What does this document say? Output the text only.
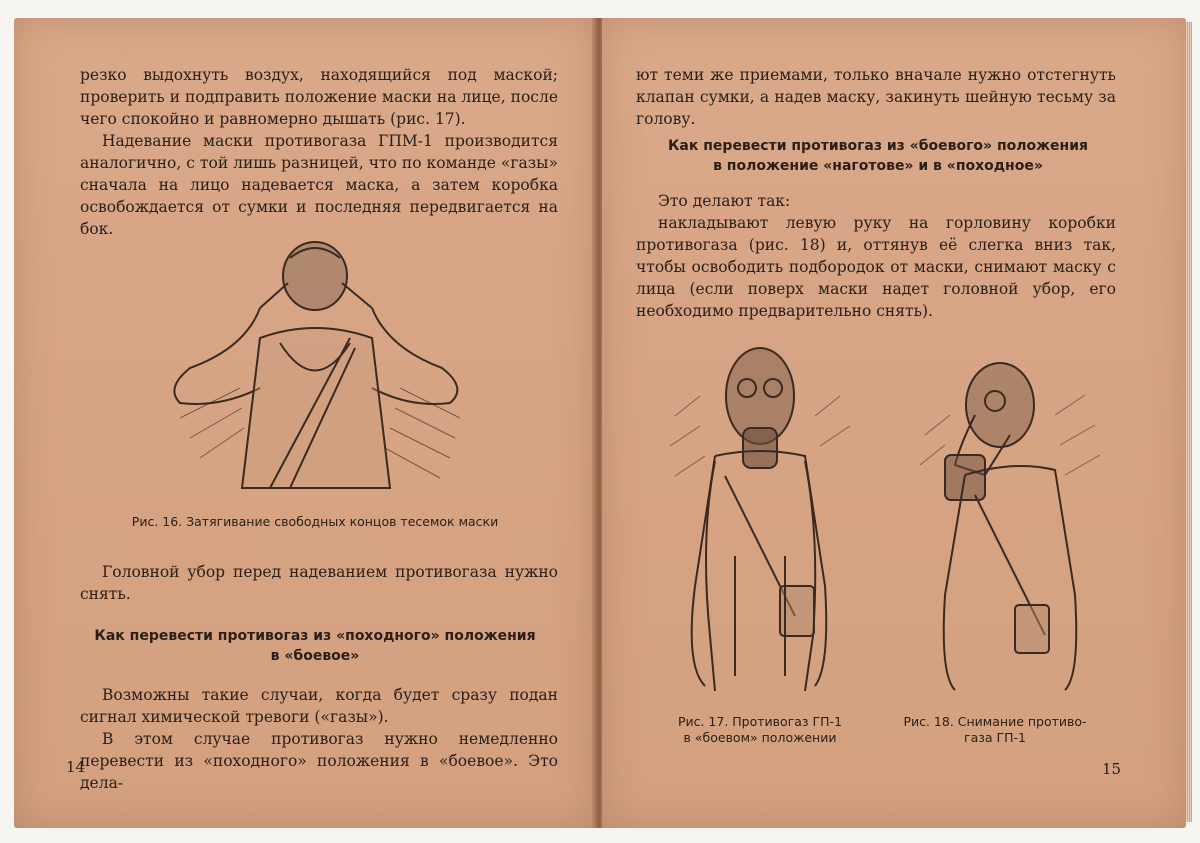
резко выдохнуть воздух, находящийся под маской; проверить и подправить положение маски на лице, после чего спокойно и равномерно дышать (рис. 17).

Надевание маски противогаза ГПМ-1 производится аналогично, с той лишь разницей, что по команде «газы» сначала на лицо надевается маска, а затем коробка освобождается от сумки и последняя передвигается на бок.

Рис. 16. Затягивание свободных концов тесемок маски

Головной убор перед надеванием противогаза нужно снять.

Как перевести противогаз из «походного» положения
в «боевое»

Возможны такие случаи, когда будет сразу подан сигнал химической тревоги («газы»).

В этом случае противогаз нужно немедленно перевести из «походного» положения в «боевое». Это дела-

14

ют теми же приемами, только вначале нужно отстегнуть клапан сумки, а надев маску, закинуть шейную тесьму за голову.

Как перевести противогаз из «боевого» положения
в положение «наготове» и в «походное»

Это делают так:

накладывают левую руку на горловину коробки противогаза (рис. 18) и, оттянув её слегка вниз так, чтобы освободить подбородок от маски, снимают маску с лица (если поверх маски надет головной убор, его необходимо предварительно снять).

Рис. 17. Противогаз ГП-1
в «боевом» положении
Рис. 18. Снимание противо-
газа ГП-1
15
